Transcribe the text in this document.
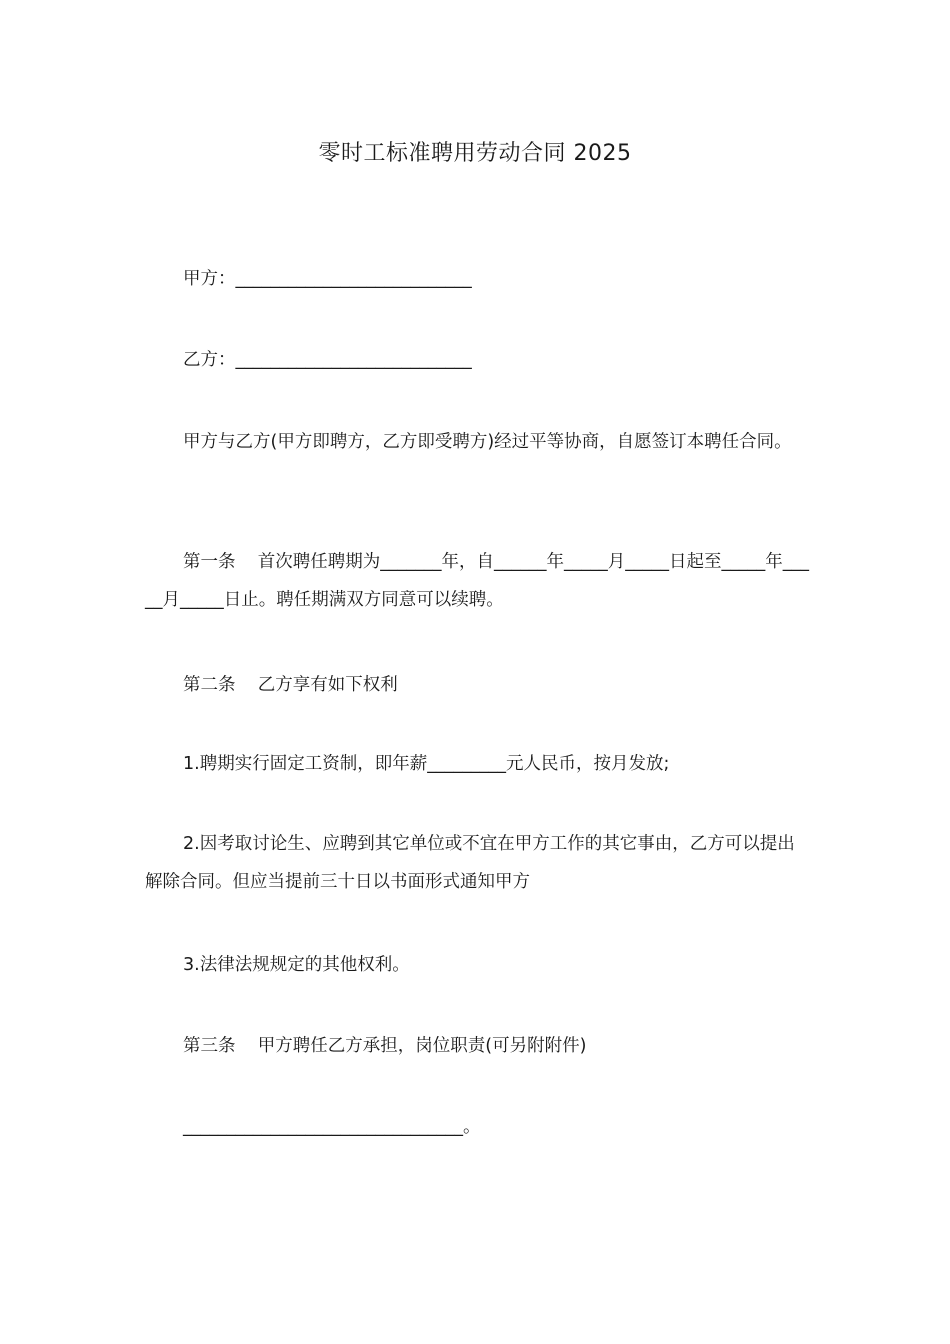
零时工标准聘用劳动合同 2025
甲方：___________________________
乙方：___________________________
甲方与乙方(甲方即聘方，乙方即受聘方)经过平等协商，自愿签订本聘任合同。
第一条    首次聘任聘期为_______年，自______年_____月_____日起至_____年_____月_____日止。聘任期满双方同意可以续聘。
第二条    乙方享有如下权利
1.聘期实行固定工资制，即年薪_________元人民币，按月发放;
2.因考取讨论生、应聘到其它单位或不宜在甲方工作的其它事由，乙方可以提出解除合同。但应当提前三十日以书面形式通知甲方
3.法律法规规定的其他权利。
第三条    甲方聘任乙方承担，岗位职责(可另附附件)
________________________________。
